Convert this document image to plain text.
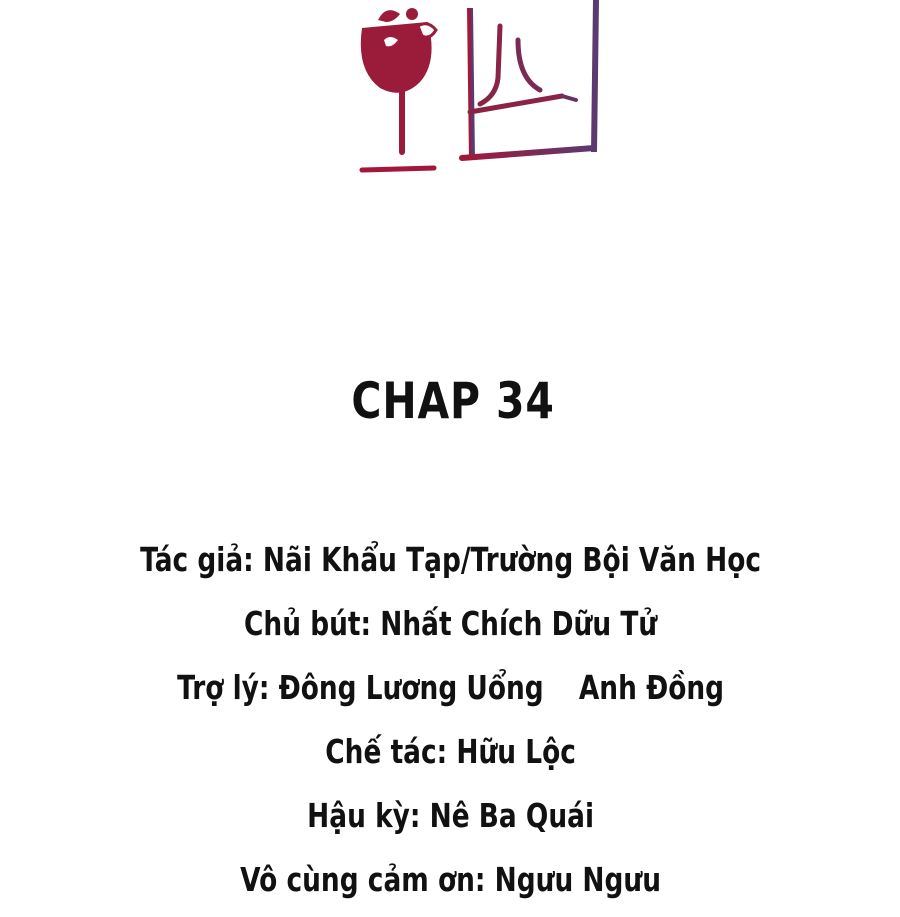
CHAP 34
Tác giả: Nãi Khẩu Tạp/Trường Bội Văn Học
Chủ bút: Nhất Chích Dữu Tử
Trợ lý: Đông Lương Uổng Anh Đồng
Chế tác: Hữu Lộc
Hậu kỳ: Nê Ba Quái
Vô cùng cảm ơn: Ngưu Ngưu
